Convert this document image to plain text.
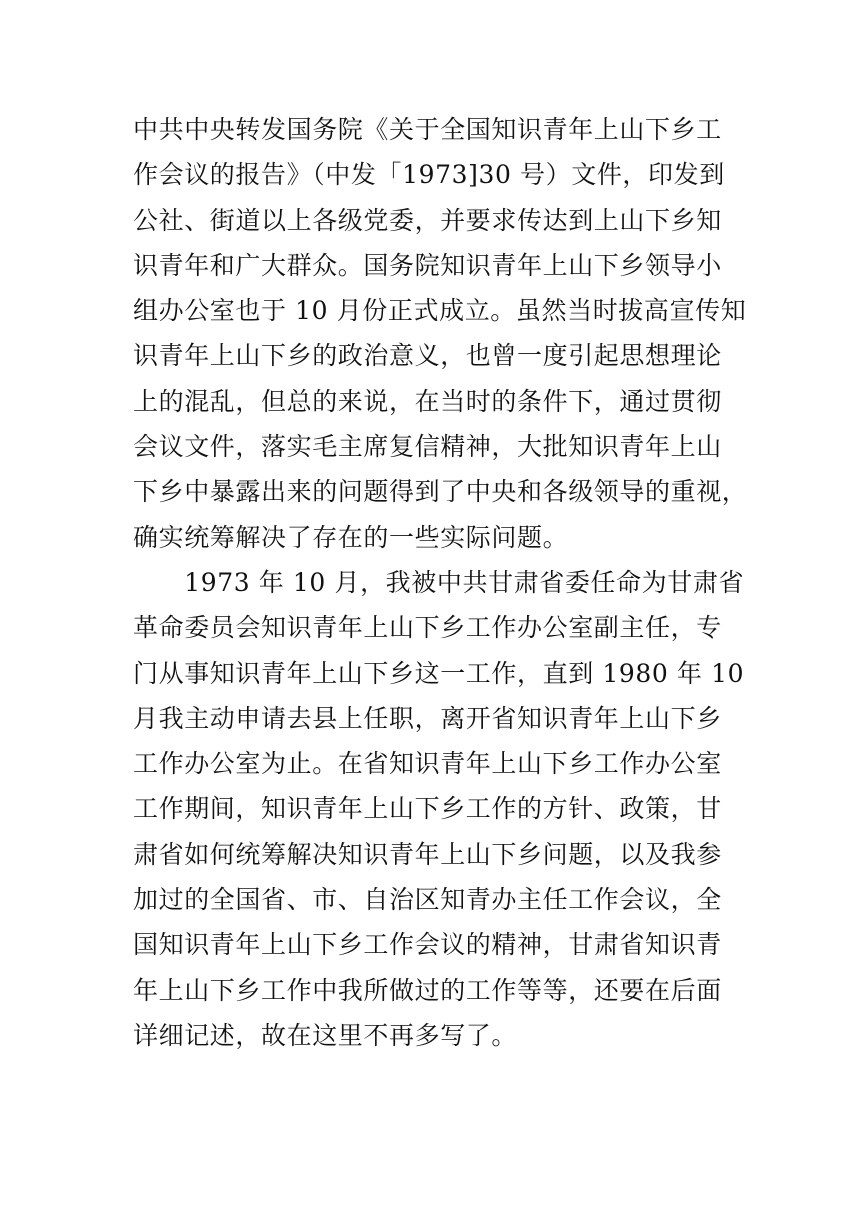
中共中央转发国务院《关于全国知识青年上山下乡工
作会议的报告》（中发「1973]30 号）文件，印发到
公社、街道以上各级党委，并要求传达到上山下乡知
识青年和广大群众。国务院知识青年上山下乡领导小
组办公室也于 10 月份正式成立。虽然当时拔高宣传知
识青年上山下乡的政治意义，也曾一度引起思想理论
上的混乱，但总的来说，在当时的条件下，通过贯彻
会议文件，落实毛主席复信精神，大批知识青年上山
下乡中暴露出来的问题得到了中央和各级领导的重视，
确实统筹解决了存在的一些实际问题。
　　1973 年 10 月，我被中共甘肃省委任命为甘肃省
革命委员会知识青年上山下乡工作办公室副主任，专
门从事知识青年上山下乡这一工作，直到 1980 年 10
月我主动申请去县上任职，离开省知识青年上山下乡
工作办公室为止。在省知识青年上山下乡工作办公室
工作期间，知识青年上山下乡工作的方针、政策，甘
肃省如何统筹解决知识青年上山下乡问题，以及我参
加过的全国省、市、自治区知青办主任工作会议，全
国知识青年上山下乡工作会议的精神，甘肃省知识青
年上山下乡工作中我所做过的工作等等，还要在后面
详细记述，故在这里不再多写了。
